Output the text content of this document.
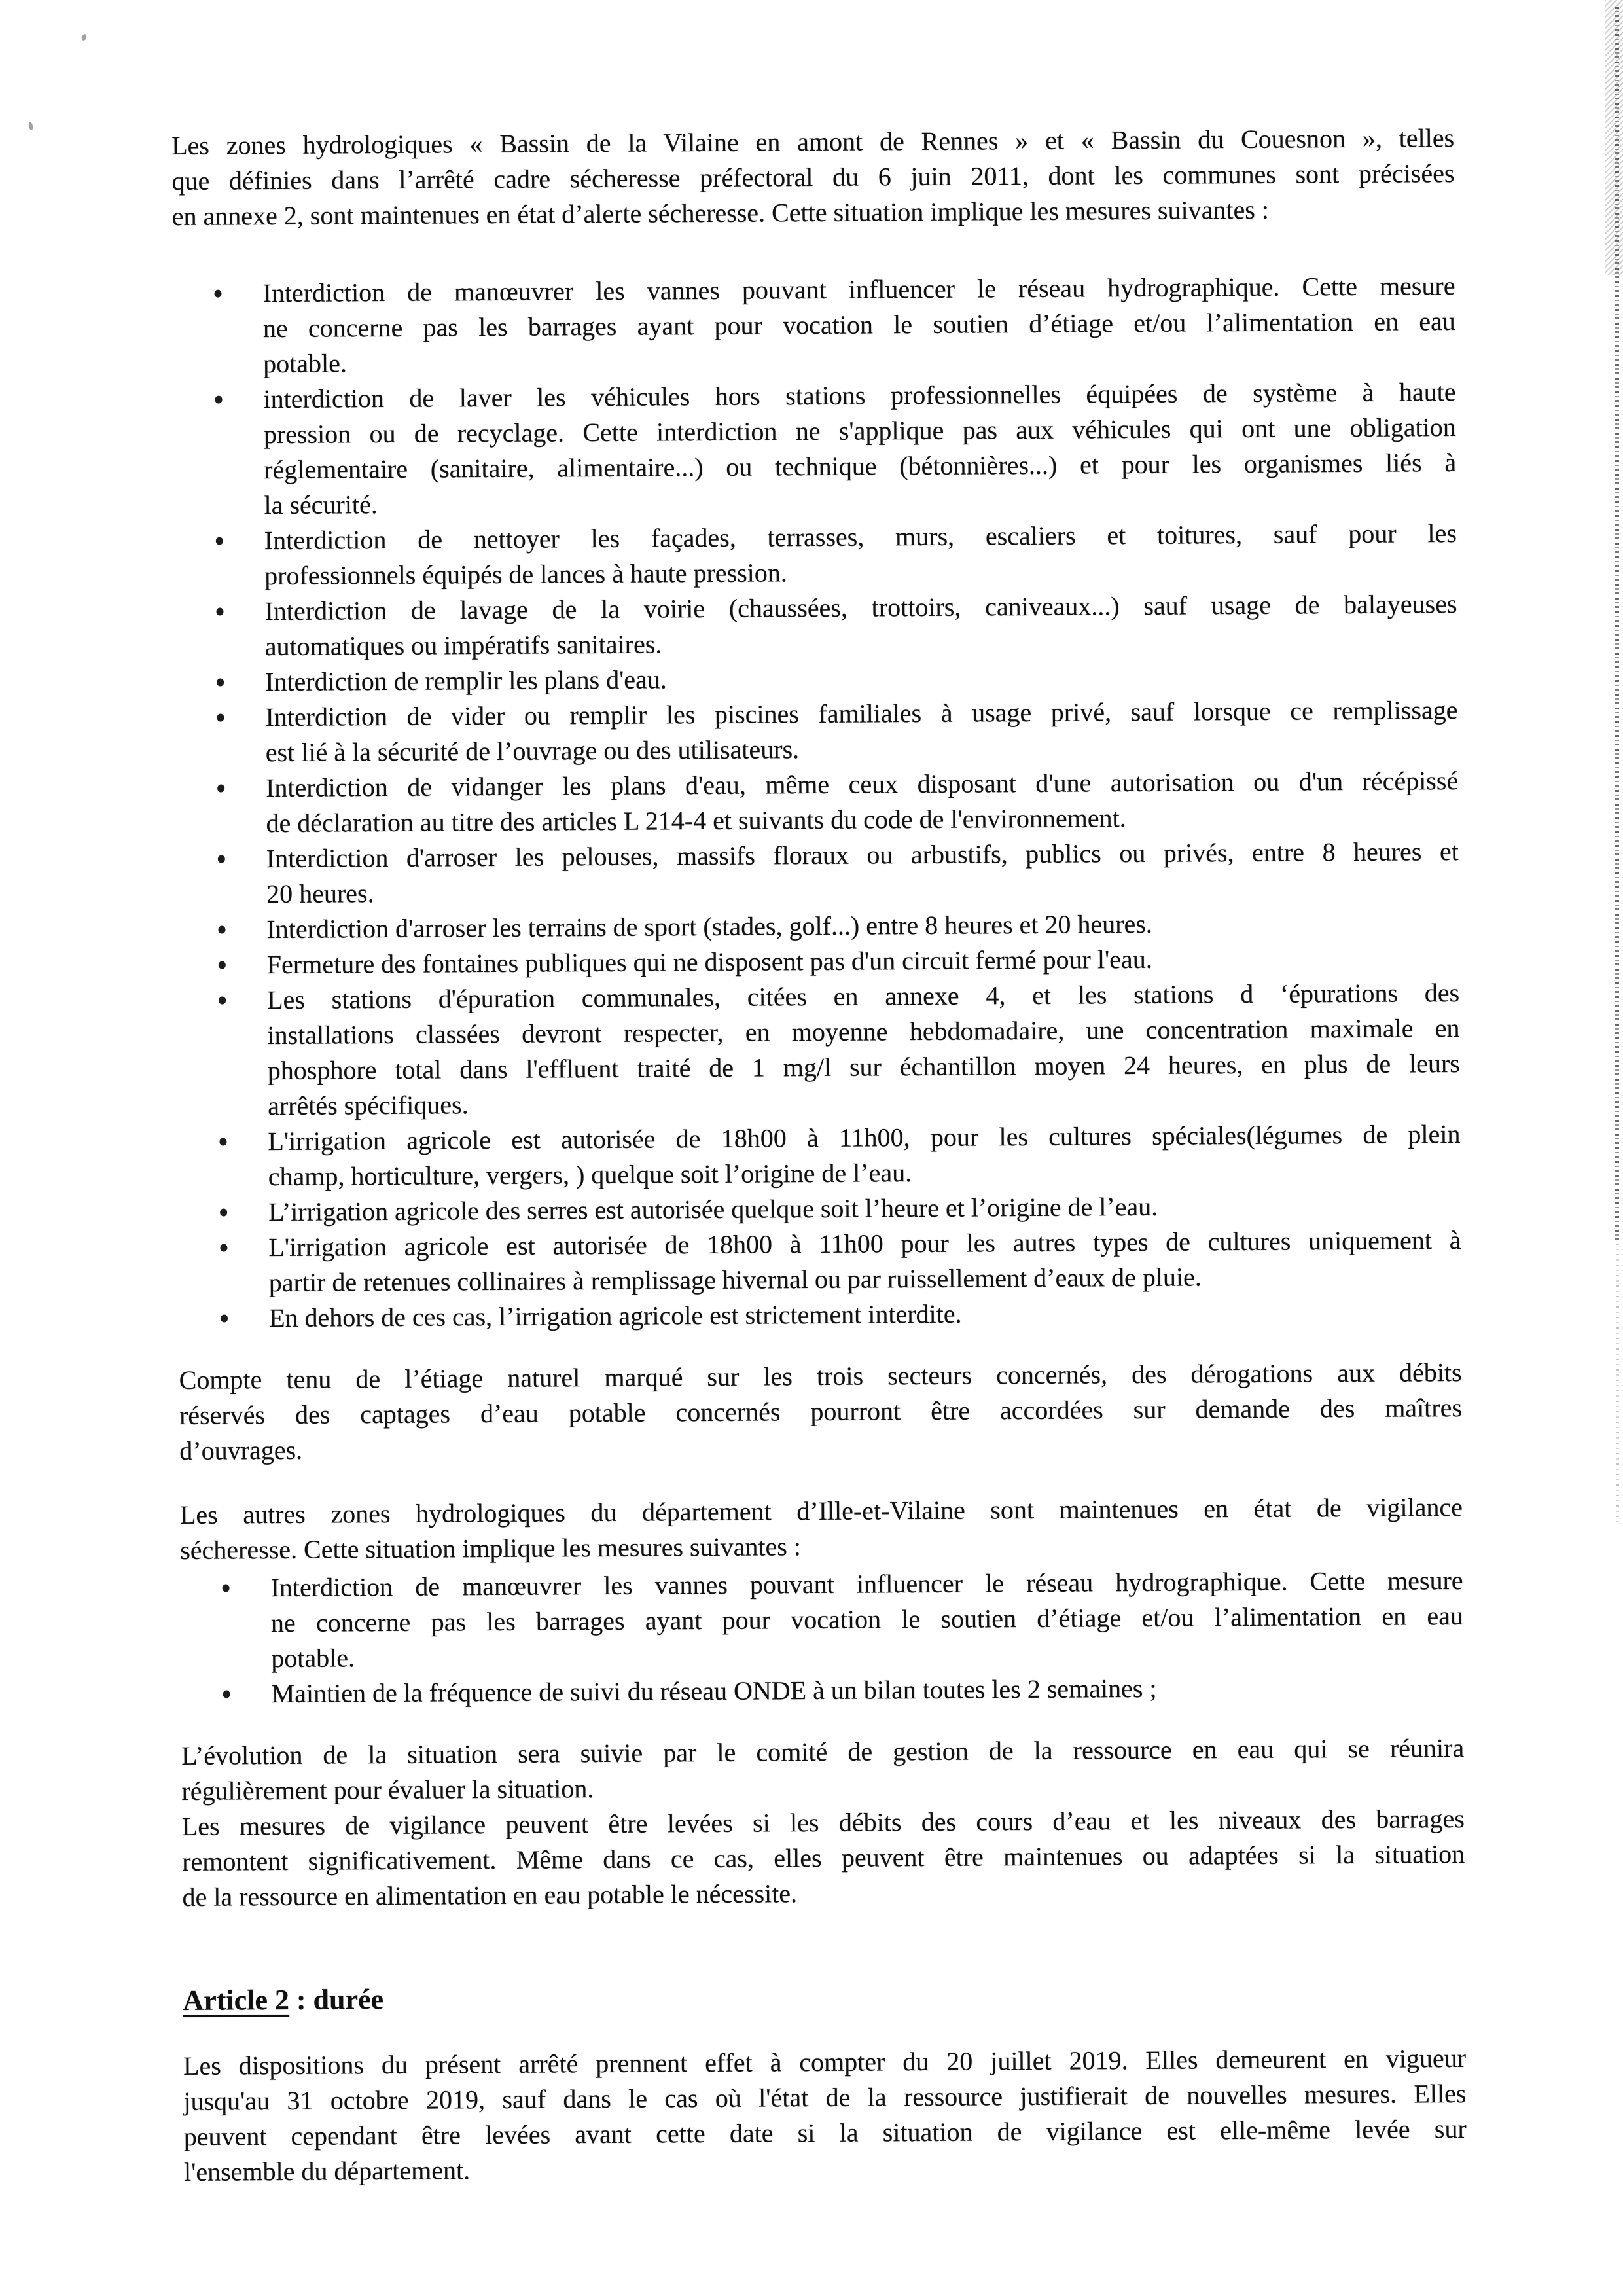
Les zones hydrologiques « Bassin de la Vilaine en amont de Rennes » et « Bassin du Couesnon », telles
que définies dans l’arrêté cadre sécheresse préfectoral du 6 juin 2011, dont les communes sont précisées
en annexe 2, sont maintenues en état d’alerte sécheresse. Cette situation implique les mesures suivantes :
Interdiction de manœuvrer les vannes pouvant influencer le réseau hydrographique. Cette mesure
ne concerne pas les barrages ayant pour vocation le soutien d’étiage et/ou l’alimentation en eau
potable.
interdiction de laver les véhicules hors stations professionnelles équipées de système à haute
pression ou de recyclage. Cette interdiction ne s'applique pas aux véhicules qui ont une obligation
réglementaire (sanitaire, alimentaire...) ou technique (bétonnières...) et pour les organismes liés à
la sécurité.
Interdiction de nettoyer les façades, terrasses, murs, escaliers et toitures, sauf pour les
professionnels équipés de lances à haute pression.
Interdiction de lavage de la voirie (chaussées, trottoirs, caniveaux...) sauf usage de balayeuses
automatiques ou impératifs sanitaires.
Interdiction de remplir les plans d'eau.
Interdiction de vider ou remplir les piscines familiales à usage privé, sauf lorsque ce remplissage
est lié à la sécurité de l’ouvrage ou des utilisateurs.
Interdiction de vidanger les plans d'eau, même ceux disposant d'une autorisation ou d'un récépissé
de déclaration au titre des articles L 214-4 et suivants du code de l'environnement.
Interdiction d'arroser les pelouses, massifs floraux ou arbustifs, publics ou privés, entre 8 heures et
20 heures.
Interdiction d'arroser les terrains de sport (stades, golf...) entre 8 heures et 20 heures.
Fermeture des fontaines publiques qui ne disposent pas d'un circuit fermé pour l'eau.
Les stations d'épuration communales, citées en annexe 4, et les stations d ‘épurations des
installations classées devront respecter, en moyenne hebdomadaire, une concentration maximale en
phosphore total dans l'effluent traité de 1 mg/l sur échantillon moyen 24 heures, en plus de leurs
arrêtés spécifiques.
L'irrigation agricole est autorisée de 18h00 à 11h00, pour les cultures spéciales(légumes de plein
champ, horticulture, vergers, ) quelque soit l’origine de l’eau.
L’irrigation agricole des serres est autorisée quelque soit l’heure et l’origine de l’eau.
L'irrigation agricole est autorisée de 18h00 à 11h00 pour les autres types de cultures uniquement à
partir de retenues collinaires à remplissage hivernal ou par ruissellement d’eaux de pluie.
En dehors de ces cas, l’irrigation agricole est strictement interdite.
Compte tenu de l’étiage naturel marqué sur les trois secteurs concernés, des dérogations aux débits
réservés des captages d’eau potable concernés pourront être accordées sur demande des maîtres
d’ouvrages.
Les autres zones hydrologiques du département d’Ille-et-Vilaine sont maintenues en état de vigilance
sécheresse. Cette situation implique les mesures suivantes :
Interdiction de manœuvrer les vannes pouvant influencer le réseau hydrographique. Cette mesure
ne concerne pas les barrages ayant pour vocation le soutien d’étiage et/ou l’alimentation en eau
potable.
Maintien de la fréquence de suivi du réseau ONDE à un bilan toutes les 2 semaines ;
L’évolution de la situation sera suivie par le comité de gestion de la ressource en eau qui se réunira
régulièrement pour évaluer la situation.
Les mesures de vigilance peuvent être levées si les débits des cours d’eau et les niveaux des barrages
remontent significativement. Même dans ce cas, elles peuvent être maintenues ou adaptées si la situation
de la ressource en alimentation en eau potable le nécessite.
Article 2 : durée
Les dispositions du présent arrêté prennent effet à compter du 20 juillet 2019. Elles demeurent en vigueur
jusqu'au 31 octobre 2019, sauf dans le cas où l'état de la ressource justifierait de nouvelles mesures. Elles
peuvent cependant être levées avant cette date si la situation de vigilance est elle-même levée sur
l'ensemble du département.
